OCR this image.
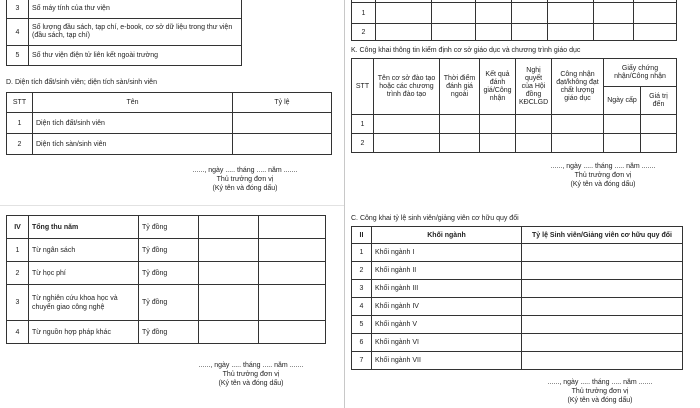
3	Số máy tính của thư viện
4	Số lượng đầu sách, tạp chí, e-book, cơ sở dữ liệu trong thư viện (đầu sách, tạp chí)
5	Số thư viện điện tử liên kết ngoài trường
D. Diện tích đất/sinh viên; diện tích sàn/sinh viên
STT	Tên	Tỷ lệ
1	Diện tích đất/sinh viên	
2	Diện tích sàn/sinh viên	
......, ngày ..... tháng ..... năm .......
Thủ trưởng đơn vị
(Ký tên và đóng dấu)

1							
2							
K. Công khai thông tin kiểm định cơ sở giáo dục và chương trình giáo dục
STT	Tên cơ sở đào tạo hoặc các chương trình đào tạo	Thời điểm đánh giá ngoài	Kết quả đánh giá/Công nhận	Nghị quyết của Hội đồng KĐCLGD	Công nhận đạt/không đạt chất lượng giáo dục	Giấy chứng nhận/Công nhận	
						Ngày cấp	Giá trị đến
1							
2							
......, ngày ..... tháng ..... năm .......
Thủ trưởng đơn vị
(Ký tên và đóng dấu)
IV	Tổng thu năm	Tỷ đồng		
1	Từ ngân sách	Tỷ đồng		
2	Từ học phí	Tỷ đồng		
3	Từ nghiên cứu khoa học và chuyển giao công nghệ	Tỷ đồng		
4	Từ nguồn hợp pháp khác	Tỷ đồng		
......, ngày ..... tháng ..... năm .......
Thủ trưởng đơn vị
(Ký tên và đóng dấu)
C. Công khai tỷ lệ sinh viên/giảng viên cơ hữu quy đổi
II	Khối ngành	Tỷ lệ Sinh viên/Giảng viên cơ hữu quy đổi
1	Khối ngành I	
2	Khối ngành II	
3	Khối ngành III	
4	Khối ngành IV	
5	Khối ngành V	
6	Khối ngành VI	
7	Khối ngành VII	
......, ngày ..... tháng ..... năm .......
Thủ trưởng đơn vị
(Ký tên và đóng dấu)
